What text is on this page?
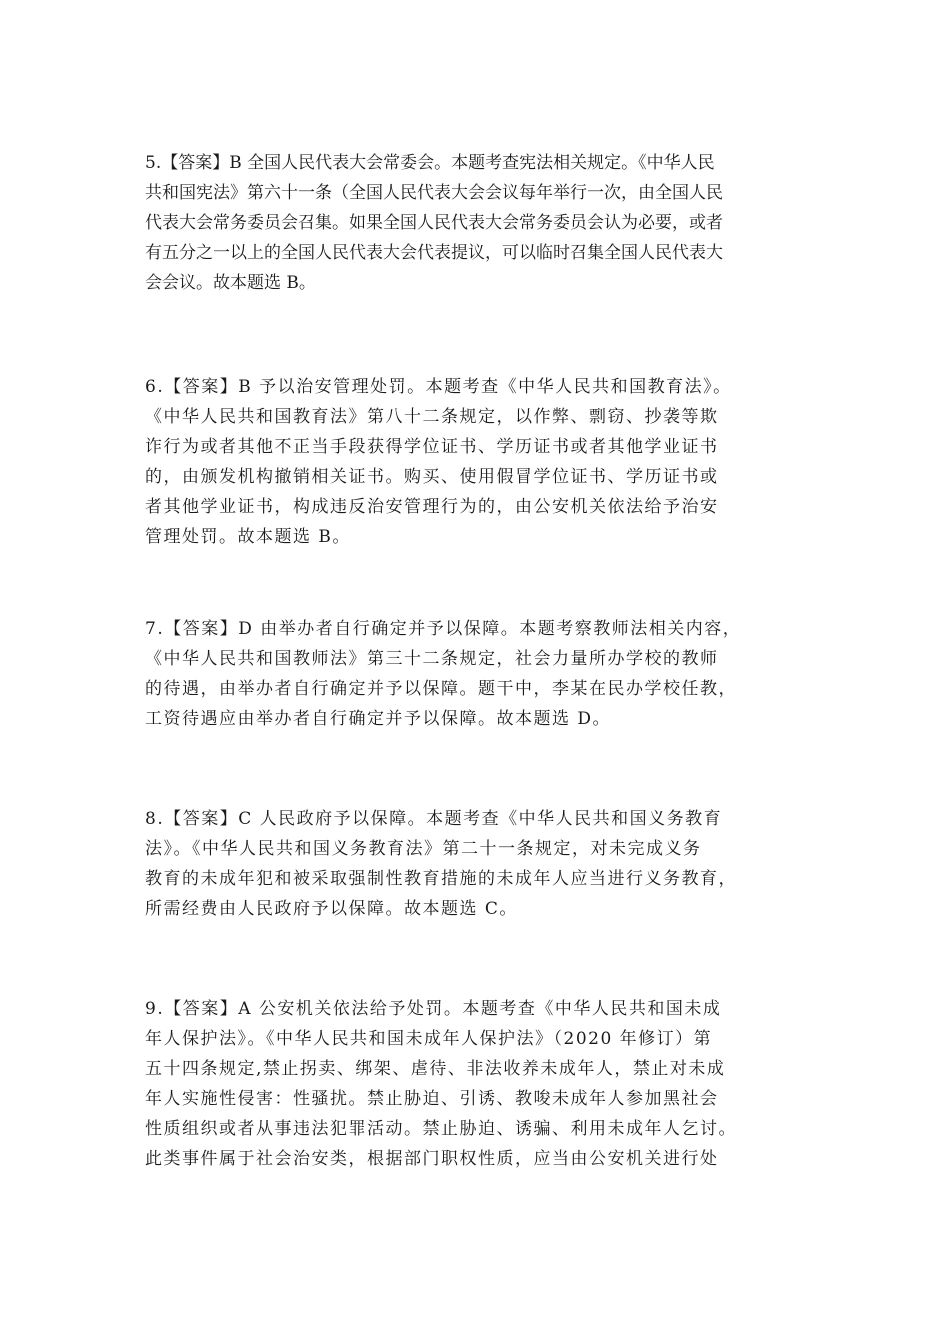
5.【答案】B 全国人民代表大会常委会。本题考查宪法相关规定。《中华人民
共和国宪法》第六十一条（全国人民代表大会会议每年举行一次，由全国人民
代表大会常务委员会召集。如果全国人民代表大会常务委员会认为必要，或者
有五分之一以上的全国人民代表大会代表提议，可以临时召集全国人民代表大
会会议。故本题选 B。
6.【答案】B 予以治安管理处罚。本题考查《中华人民共和国教育法》。
《中华人民共和国教育法》第八十二条规定，以作弊、剽窃、抄袭等欺
诈行为或者其他不正当手段获得学位证书、学历证书或者其他学业证书
的，由颁发机构撤销相关证书。购买、使用假冒学位证书、学历证书或
者其他学业证书，构成违反治安管理行为的，由公安机关依法给予治安
管理处罚。故本题选 B。
7.【答案】D 由举办者自行确定并予以保障。本题考察教师法相关内容，
《中华人民共和国教师法》第三十二条规定，社会力量所办学校的教师
的待遇，由举办者自行确定并予以保障。题干中，李某在民办学校任教，
工资待遇应由举办者自行确定并予以保障。故本题选 D。
8.【答案】C 人民政府予以保障。本题考查《中华人民共和国义务教育
法》。《中华人民共和国义务教育法》第二十一条规定，对未完成义务
教育的未成年犯和被采取强制性教育措施的未成年人应当进行义务教育，
所需经费由人民政府予以保障。故本题选 C。
9.【答案】A 公安机关依法给予处罚。本题考查《中华人民共和国未成
年人保护法》。《中华人民共和国未成年人保护法》（2020 年修订）第
五十四条规定,禁止拐卖、绑架、虐待、非法收养未成年人，禁止对未成
年人实施性侵害：性骚扰。禁止胁迫、引诱、教唆未成年人参加黑社会
性质组织或者从事违法犯罪活动。禁止胁迫、诱骗、利用未成年人乞讨。
此类事件属于社会治安类，根据部门职权性质，应当由公安机关进行处
